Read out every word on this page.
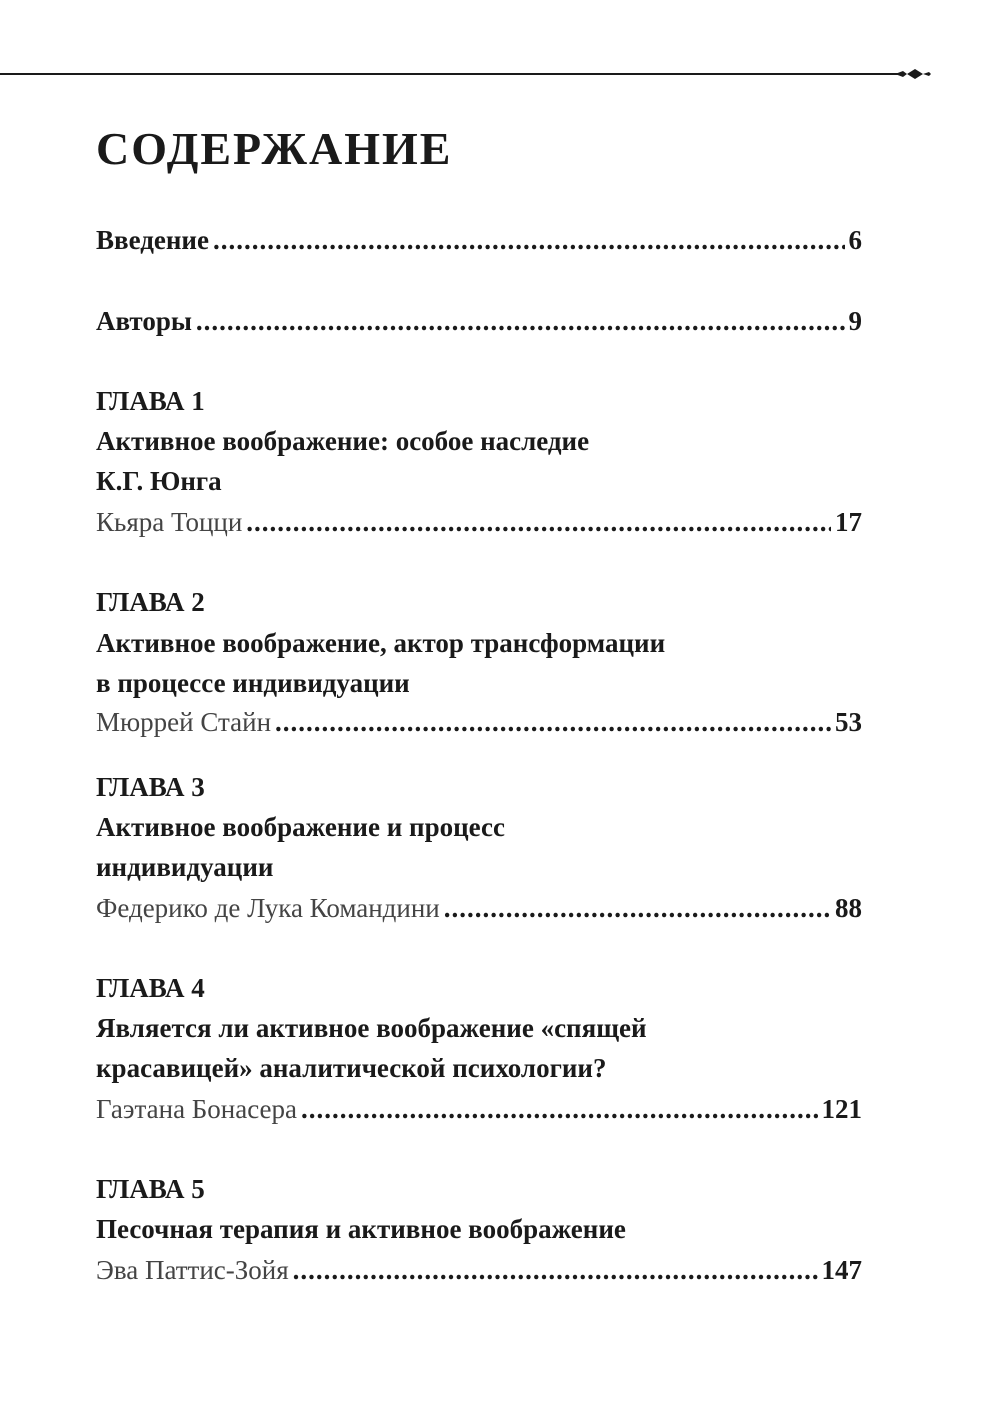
СОДЕРЖАНИЕ
Введение .....	6
Авторы .....	9
ГЛАВА 1
Активное воображение: особое наследие
К.Г. Юнга
Кьяра Тоцци .....	17
ГЛАВА 2
Активное воображение, актор трансформации
в процессе индивидуации
Мюррей Стайн .....	53
ГЛАВА 3
Активное воображение и процесс
индивидуации
Федерико де Лука Командини .....	88
ГЛАВА 4
Является ли активное воображение «спящей
красавицей» аналитической психологии?
Гаэтана Бонасера .....	121
ГЛАВА 5
Песочная терапия и активное воображение
Эва Паттис-Зойя .....	147
